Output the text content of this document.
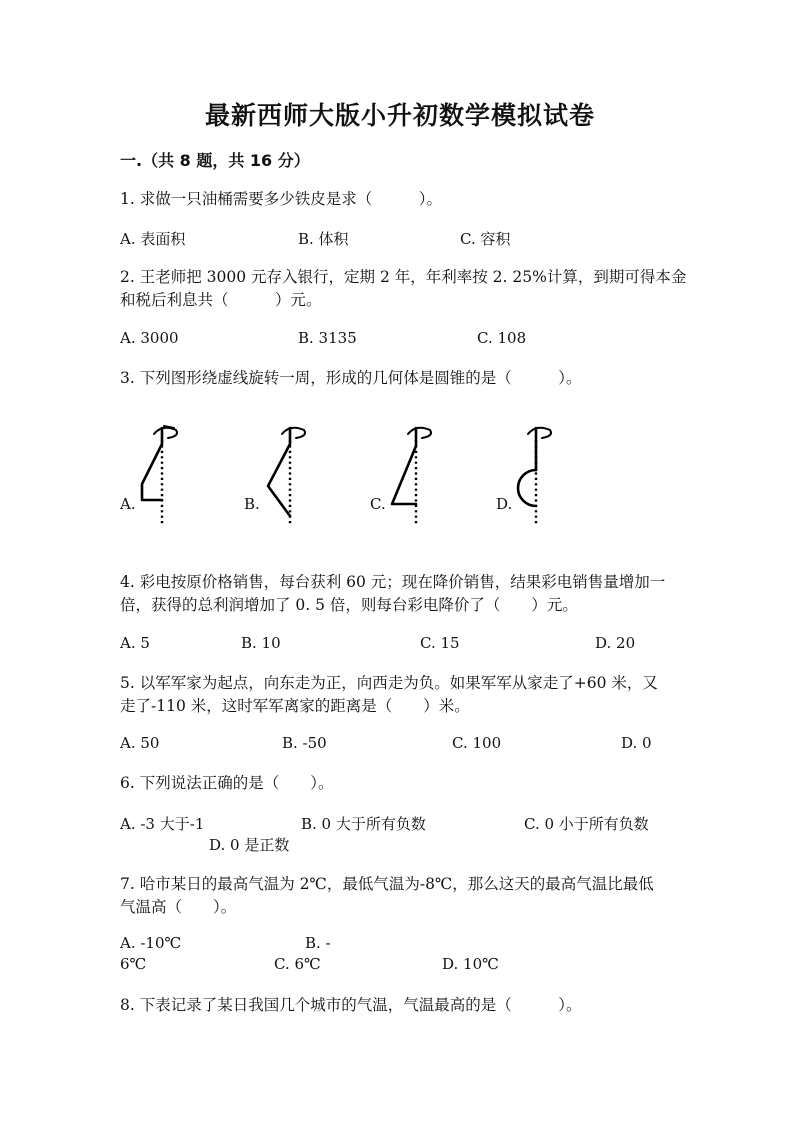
最新西师大版小升初数学模拟试卷
一.（共 8 题，共 16 分）
1. 求做一只油桶需要多少铁皮是求（　　　）。
A. 表面积	B. 体积	C. 容积
2. 王老师把 3000 元存入银行，定期 2 年，年利率按 2. 25%计算，到期可得本金
和税后利息共（　　　）元。
A. 3000	B. 3135	C. 108
3. 下列图形绕虚线旋转一周，形成的几何体是圆锥的是（　　　）。
A.	B.	C.	D.
4. 彩电按原价格销售，每台获利 60 元；现在降价销售，结果彩电销售量增加一
倍，获得的总利润增加了 0. 5 倍，则每台彩电降价了（　　）元。
A. 5	B. 10	C. 15	D. 20
5. 以军军家为起点，向东走为正，向西走为负。如果军军从家走了+60 米，又
走了-110 米，这时军军离家的距离是（　　）米。
A. 50	B. -50	C. 100	D. 0
6. 下列说法正确的是（　　）。
A. -3 大于-1	B. 0 大于所有负数	C. 0 小于所有负数
D. 0 是正数
7. 哈市某日的最高气温为 2℃，最低气温为-8℃，那么这天的最高气温比最低
气温高（　　）。
A. -10℃	B. -
6℃	C. 6℃	D. 10℃
8. 下表记录了某日我国几个城市的气温，气温最高的是（　　　）。
